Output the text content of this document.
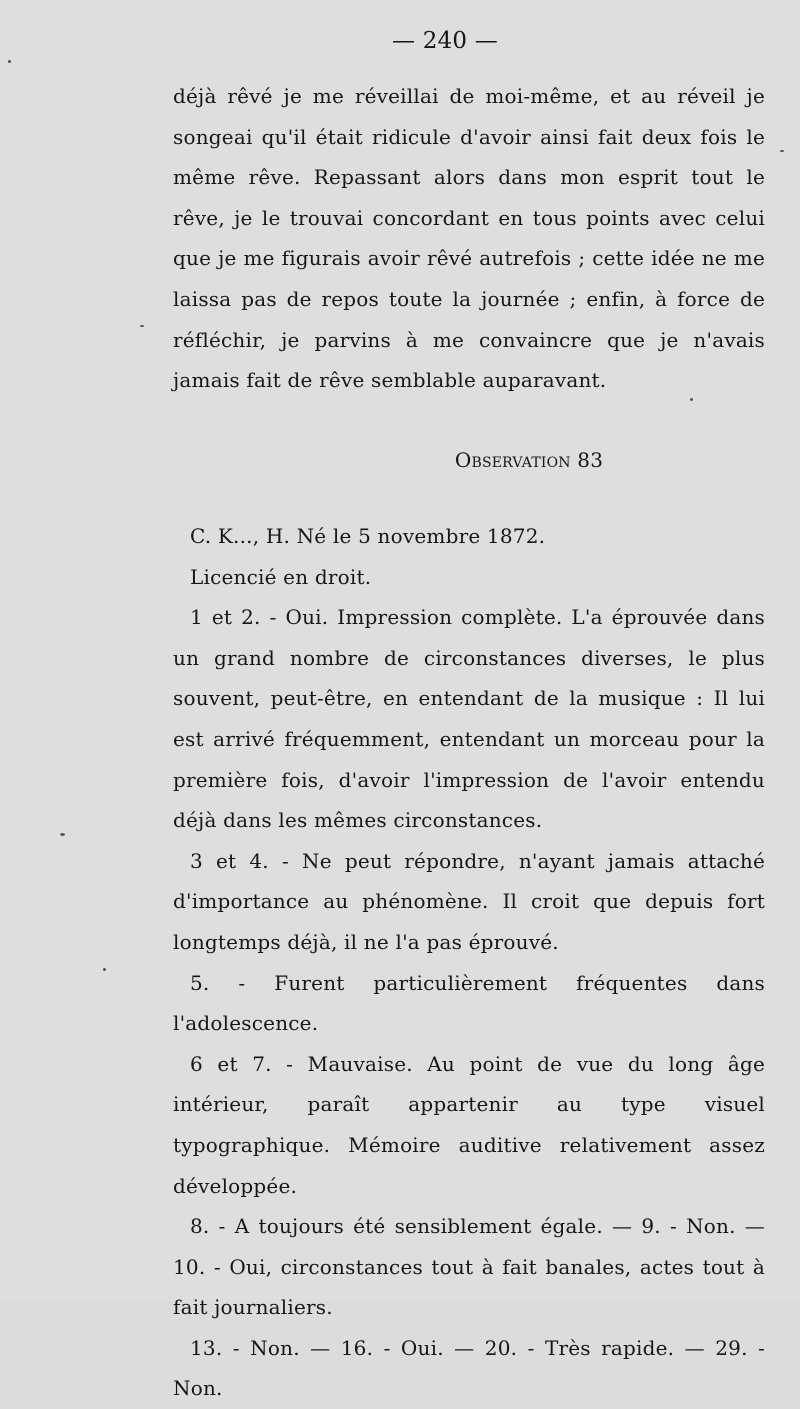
— 240 —

déjà rêvé je me réveillai de moi-même, et au réveil je songeai qu'il était ridicule d'avoir ainsi fait deux fois le même rêve. Repassant alors dans mon esprit tout le rêve, je le trouvai concordant en tous points avec celui que je me figurais avoir rêvé autrefois ; cette idée ne me laissa pas de repos toute la journée ; enfin, à force de réfléchir, je parvins à me convaincre que je n'avais jamais fait de rêve semblable auparavant.

Observation 83

C. K..., H. Né le 5 novembre 1872.

Licencié en droit.

1 et 2. - Oui. Impression complète. L'a éprouvée dans un grand nombre de circonstances diverses, le plus souvent, peut-être, en entendant de la musique : Il lui est arrivé fréquemment, entendant un morceau pour la première fois, d'avoir l'impression de l'avoir entendu déjà dans les mêmes circonstances.

3 et 4. - Ne peut répondre, n'ayant jamais attaché d'importance au phénomène. Il croit que depuis fort longtemps déjà, il ne l'a pas éprouvé.

5. - Furent particulièrement fréquentes dans l'adolescence.

6 et 7. - Mauvaise. Au point de vue du long âge intérieur, paraît appartenir au type visuel typographique. Mémoire auditive relativement assez développée.

8. - A toujours été sensiblement égale. — 9. - Non. — 10. - Oui, circonstances tout à fait banales, actes tout à fait journaliers.

13. - Non. — 16. - Oui. — 20. - Très rapide. — 29. - Non.
